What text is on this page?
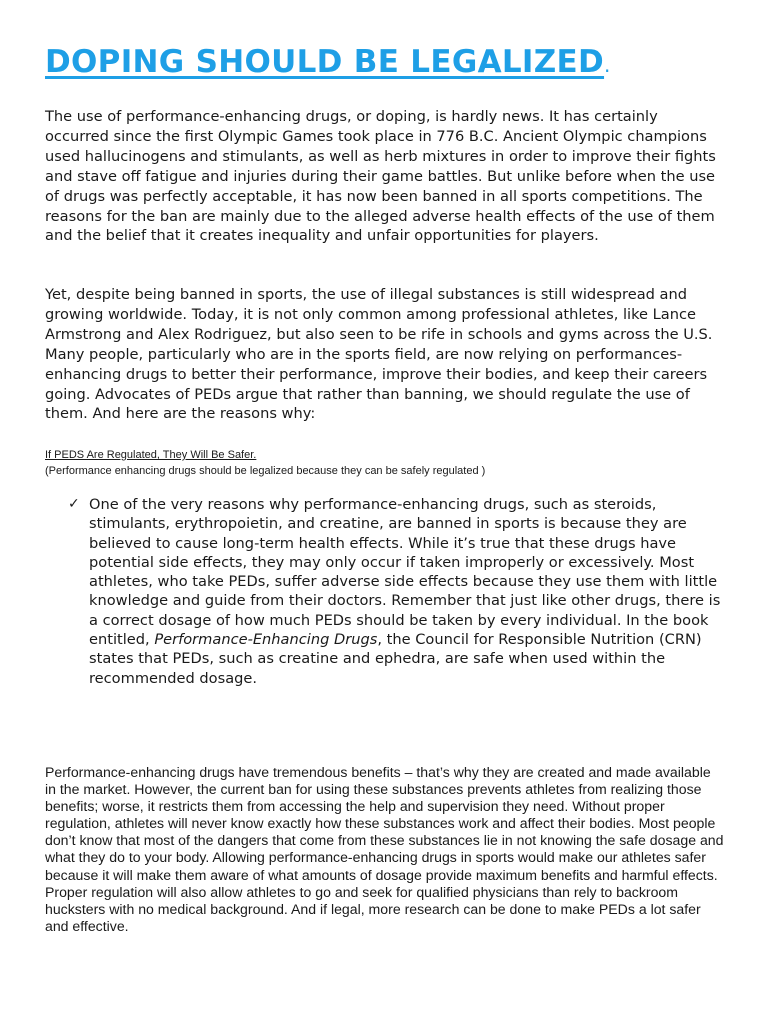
DOPING SHOULD BE LEGALIZED.

The use of performance-enhancing drugs, or doping, is hardly news. It has certainly occurred since the first Olympic Games took place in 776 B.C. Ancient Olympic champions used hallucinogens and stimulants, as well as herb mixtures in order to improve their fights and stave off fatigue and injuries during their game battles. But unlike before when the use of drugs was perfectly acceptable, it has now been banned in all sports competitions. The reasons for the ban are mainly due to the alleged adverse health effects of the use of them and the belief that it creates inequality and unfair opportunities for players.

Yet, despite being banned in sports, the use of illegal substances is still widespread and growing worldwide. Today, it is not only common among professional athletes, like Lance Armstrong and Alex Rodriguez, but also seen to be rife in schools and gyms across the U.S. Many people, particularly who are in the sports field, are now relying on performances-enhancing drugs to better their performance, improve their bodies, and keep their careers going. Advocates of PEDs argue that rather than banning, we should regulate the use of them. And here are the reasons why:

If PEDS Are Regulated, They Will Be Safer.
(Performance enhancing drugs should be legalized because they can be safely regulated )
✓ One of the very reasons why performance-enhancing drugs, such as steroids, stimulants, erythropoietin, and creatine, are banned in sports is because they are believed to cause long-term health effects. While it’s true that these drugs have potential side effects, they may only occur if taken improperly or excessively. Most athletes, who take PEDs, suffer adverse side effects because they use them with little knowledge and guide from their doctors. Remember that just like other drugs, there is a correct dosage of how much PEDs should be taken by every individual. In the book entitled, Performance-Enhancing Drugs, the Council for Responsible Nutrition (CRN) states that PEDs, such as creatine and ephedra, are safe when used within the recommended dosage.

Performance-enhancing drugs have tremendous benefits – that’s why they are created and made available in the market. However, the current ban for using these substances prevents athletes from realizing those benefits; worse, it restricts them from accessing the help and supervision they need. Without proper regulation, athletes will never know exactly how these substances work and affect their bodies. Most people don’t know that most of the dangers that come from these substances lie in not knowing the safe dosage and what they do to your body. Allowing performance-enhancing drugs in sports would make our athletes safer because it will make them aware of what amounts of dosage provide maximum benefits and harmful effects. Proper regulation will also allow athletes to go and seek for qualified physicians than rely to backroom hucksters with no medical background. And if legal, more research can be done to make PEDs a lot safer and effective.
